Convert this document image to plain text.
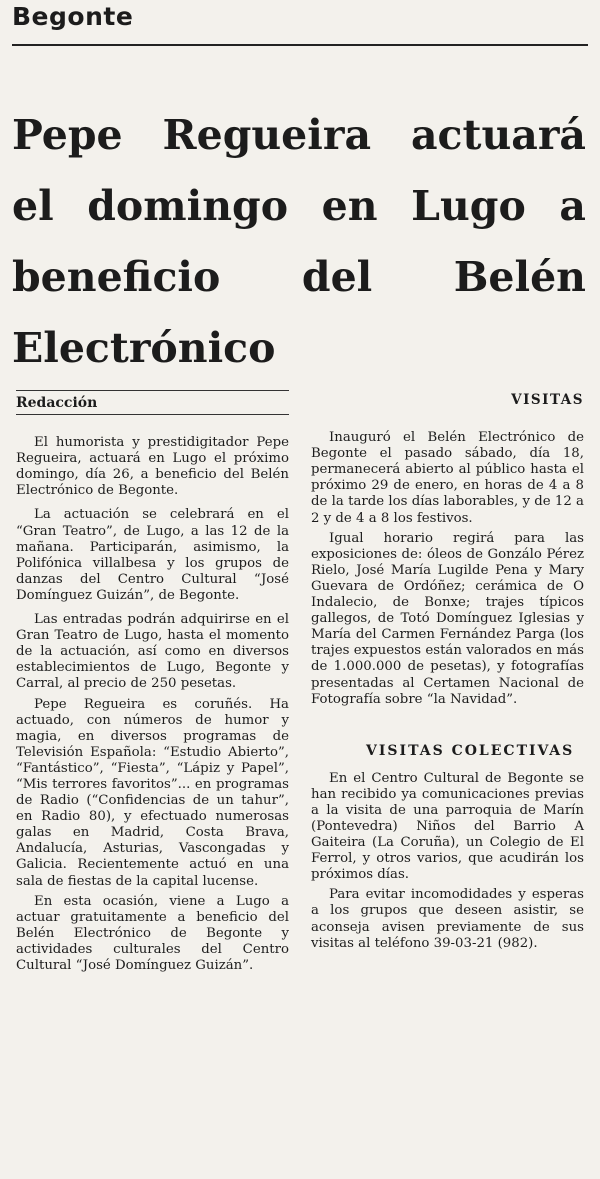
Begonte
Pepe Regueira actuará el domingo en Lugo a beneficio del Belén Electrónico
Redacción

El humorista y prestidigitador Pepe Regueira, actuará en Lugo el próximo domingo, día 26, a beneficio del Belén Electrónico de Begonte.

La actuación se celebrará en el “Gran Teatro”, de Lugo, a las 12 de la mañana. Participarán, asimismo, la Polifónica villalbesa y los grupos de danzas del Centro Cultural “José Domínguez Guizán”, de Begonte.

Las entradas podrán adquirirse en el Gran Teatro de Lugo, hasta el momento de la actuación, así como en diversos establecimientos de Lugo, Begonte y Carral, al precio de 250 pesetas.

Pepe Regueira es coruñés. Ha actuado, con números de humor y magia, en diversos programas de Televisión Española: “Estudio Abierto”, “Fantástico”, “Fiesta”, “Lápiz y Papel”, “Mis terrores favoritos”... en programas de Radio (“Confidencias de un tahur”, en Radio 80), y efectuado numerosas galas en Madrid, Costa Brava, Andalucía, Asturias, Vascongadas y Galicia. Recientemente actuó en una sala de fiestas de la capital lucense.

En esta ocasión, viene a Lugo a actuar gratuitamente a beneficio del Belén Electrónico de Begonte y actividades culturales del Centro Cultural “José Domínguez Guizán”.

VISITAS

Inauguró el Belén Electrónico de Begonte el pasado sábado, día 18, permanecerá abierto al público hasta el próximo 29 de enero, en horas de 4 a 8 de la tarde los días laborables, y de 12 a 2 y de 4 a 8 los festivos.

Igual horario regirá para las exposiciones de: óleos de Gonzálo Pérez Rielo, José María Lugilde Pena y Mary Guevara de Ordóñez; cerámica de O Indalecio, de Bonxe; trajes típicos gallegos, de Totó Domínguez Iglesias y María del Carmen Fernández Parga (los trajes expuestos están valorados en más de 1.000.000 de pesetas), y fotografías presentadas al Certamen Nacional de Fotografía sobre “la Navidad”.

VISITAS COLECTIVAS

En el Centro Cultural de Begonte se han recibido ya comunicaciones previas a la visita de una parroquia de Marín (Pontevedra) Niños del Barrio A Gaiteira (La Coruña), un Colegio de El Ferrol, y otros varios, que acudirán los próximos días.

Para evitar incomodidades y esperas a los grupos que deseen asistir, se aconseja avisen previamente de sus visitas al teléfono 39-03-21 (982).
